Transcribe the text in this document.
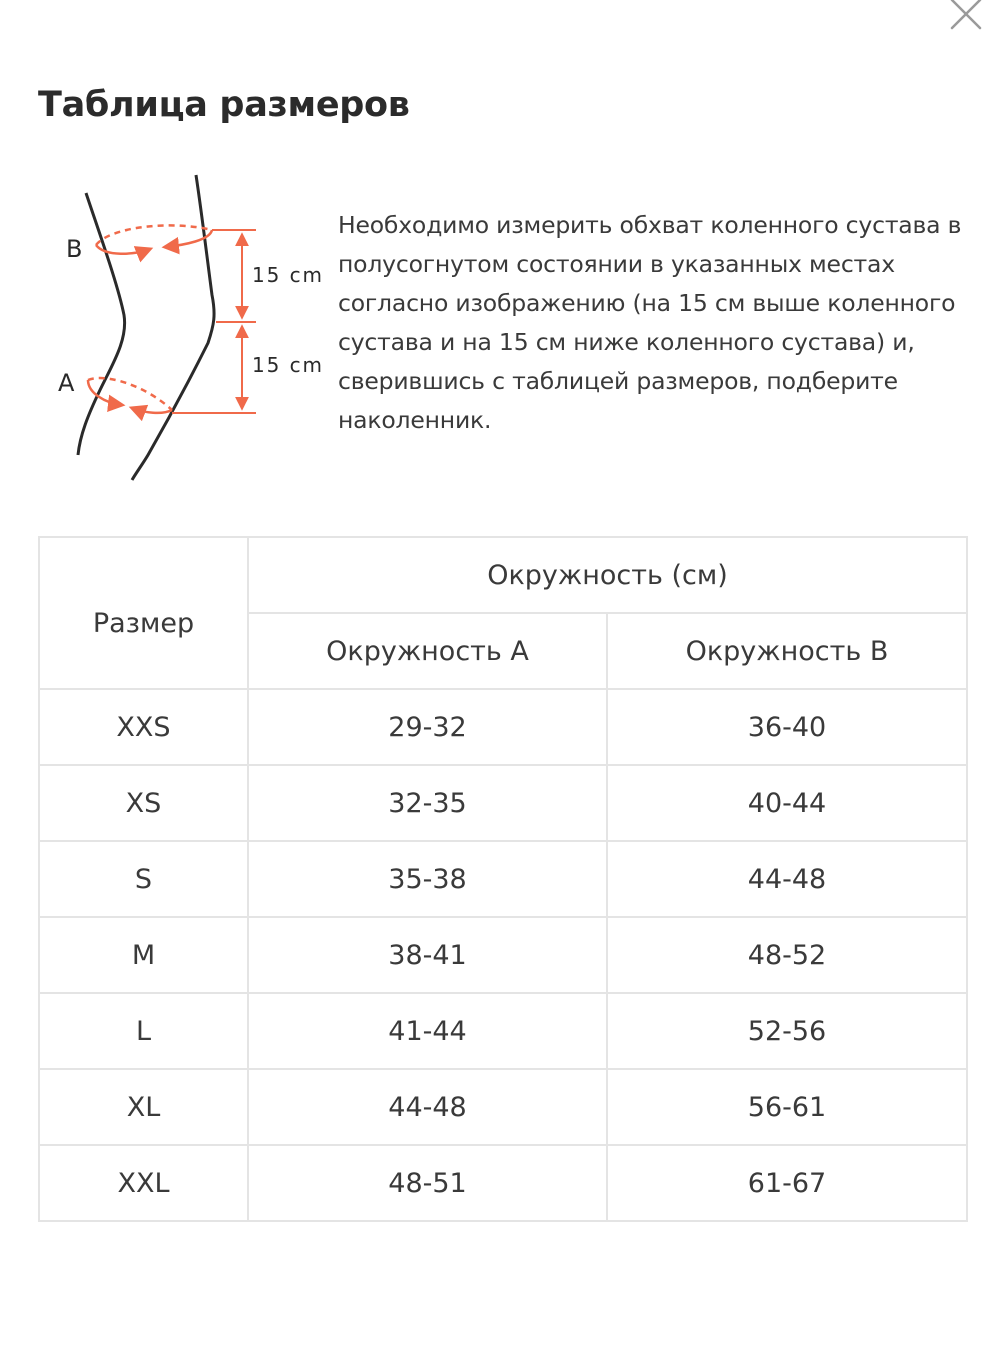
Таблица размеров
B
A
15 cm
15 cm

Необходимо измерить обхват коленного сустава в полусогнутом состоянии в указанных местах согласно изображению (на 15 см выше коленного сустава и на 15 см ниже коленного сустава) и, сверившись с таблицей размеров, подберите наколенник.

Размер	Окружность (см)	
	Окружность A	Окружность B
XXS	29-32	36-40
XS	32-35	40-44
S	35-38	44-48
M	38-41	48-52
L	41-44	52-56
XL	44-48	56-61
XXL	48-51	61-67
